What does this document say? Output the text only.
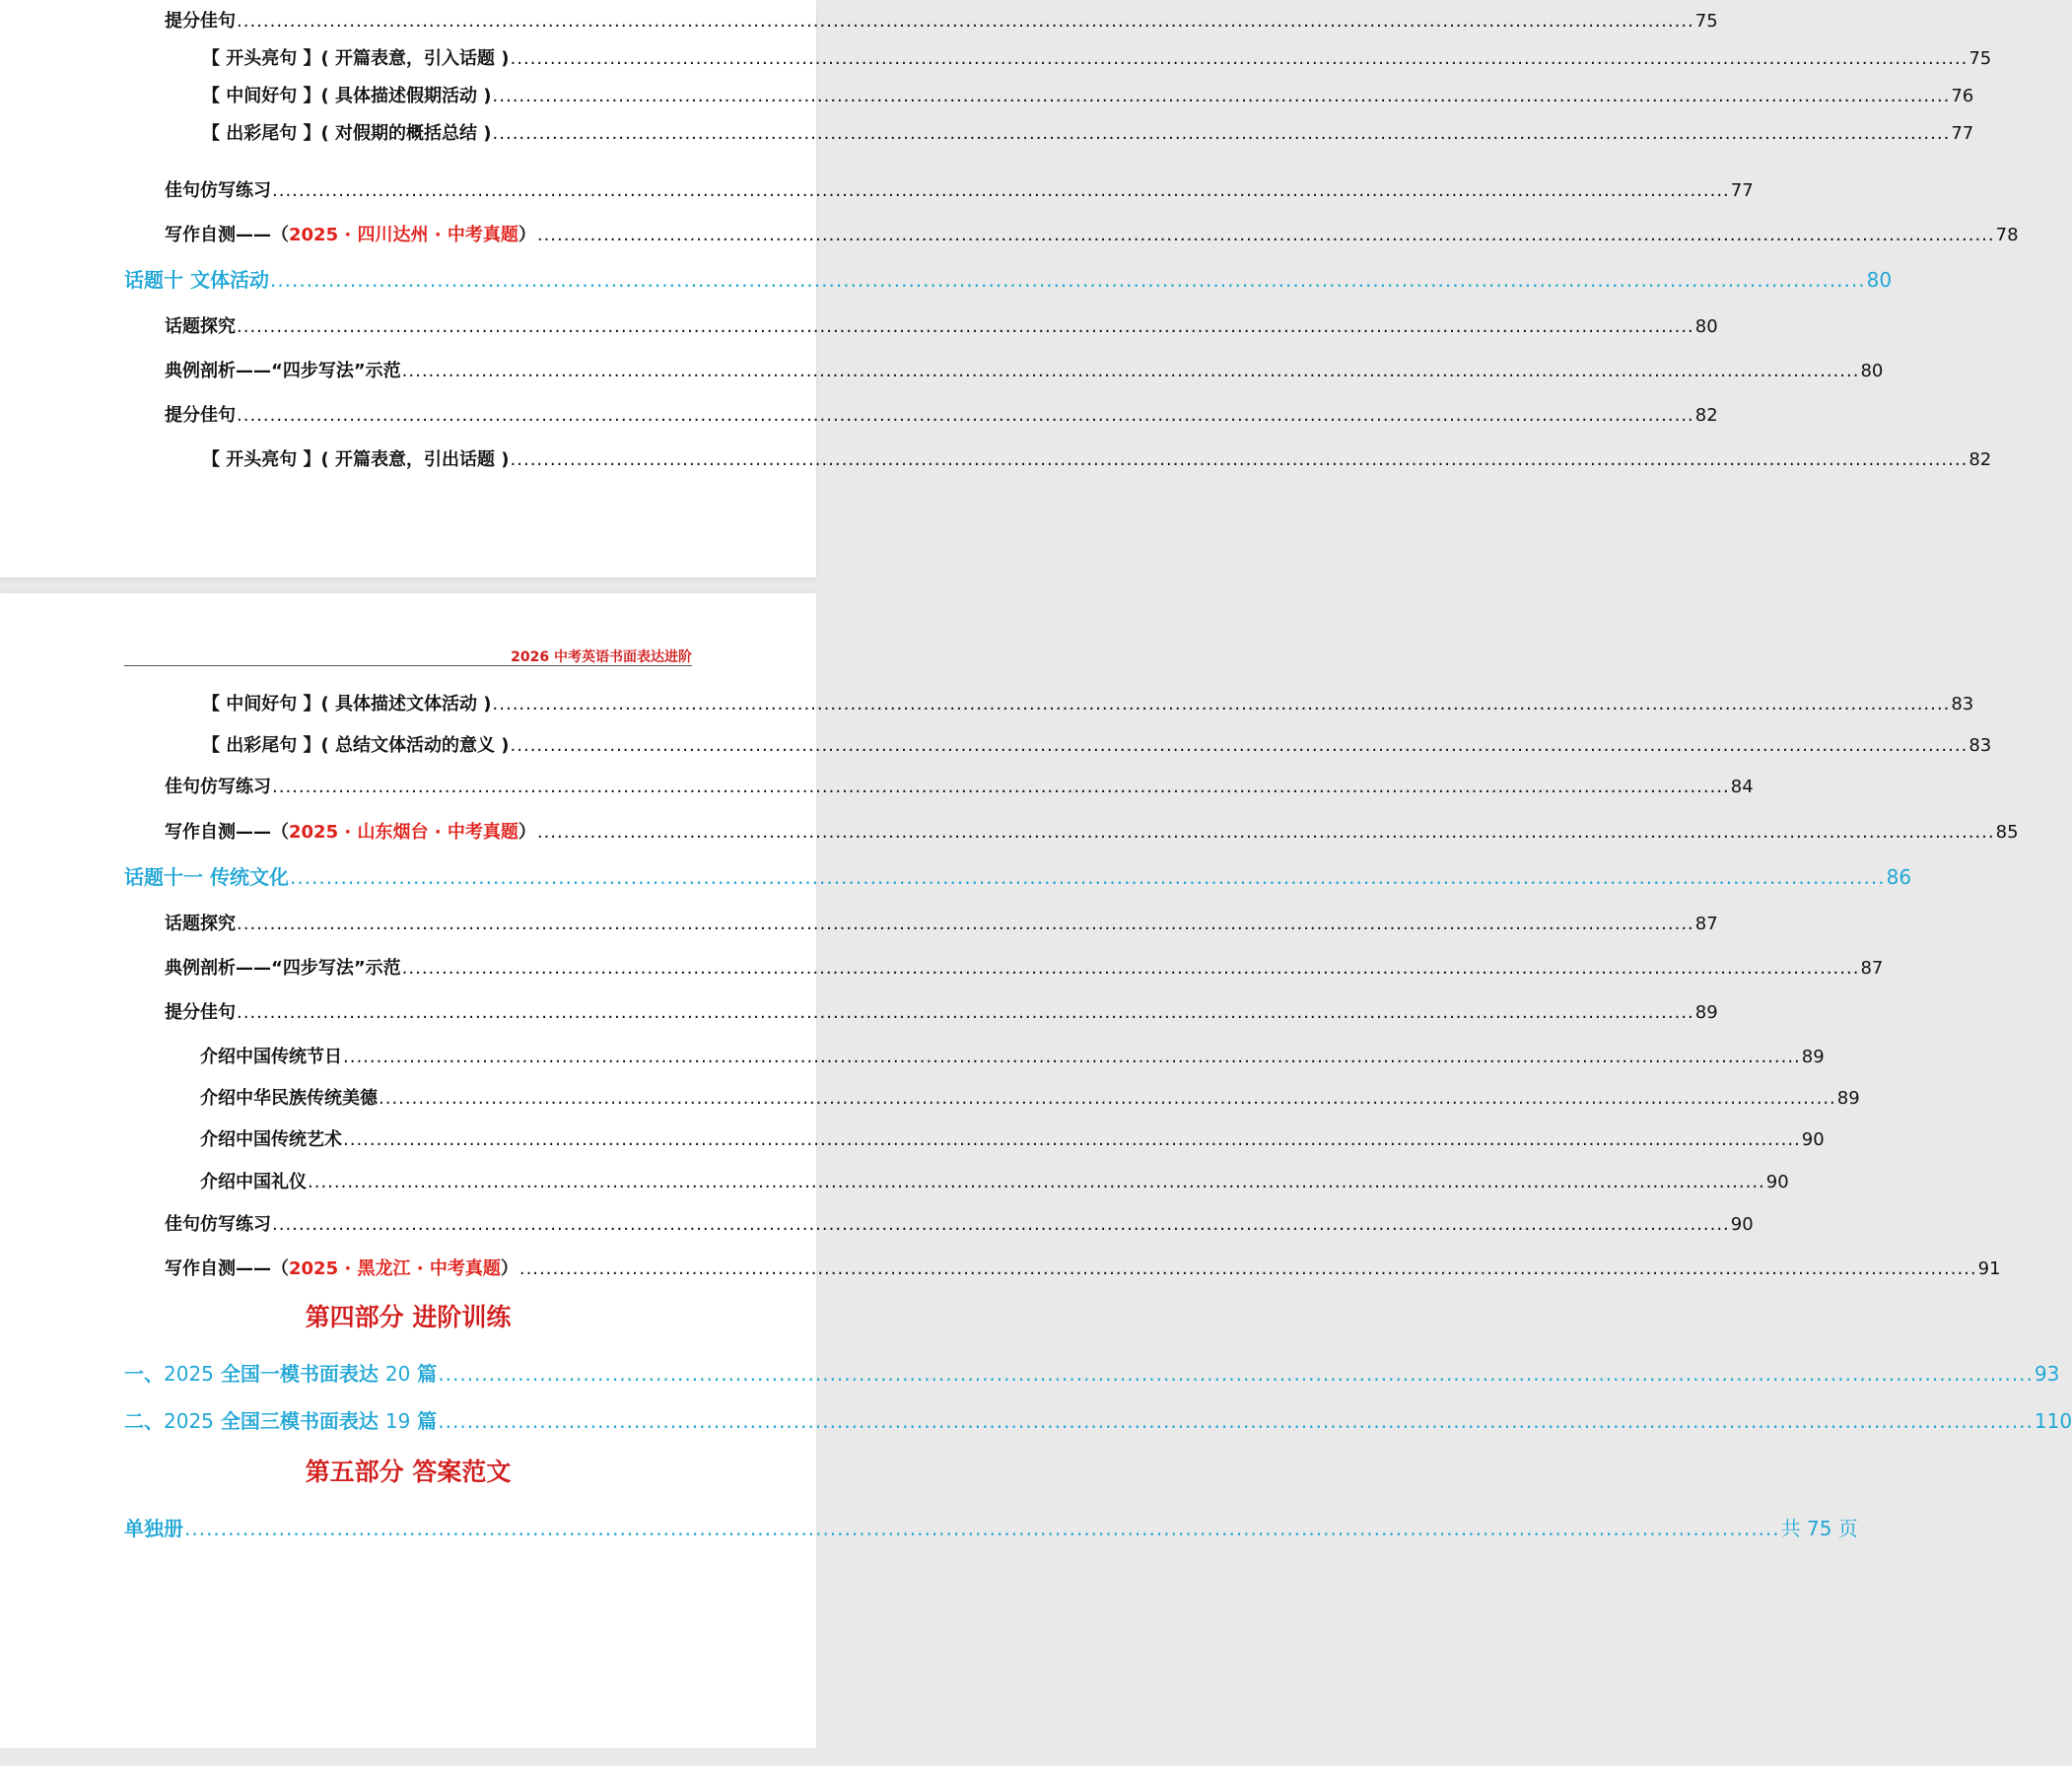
提分佳句 ............................................................................................................................................................................................................................ 75
【 开头亮句 】( 开篇表意，引入话题 ) ............................................................................................................................................................................................................................ 75
【 中间好句 】( 具体描述假期活动 ) ............................................................................................................................................................................................................................ 76
【 出彩尾句 】( 对假期的概括总结 ) ............................................................................................................................................................................................................................ 77
佳句仿写练习 ............................................................................................................................................................................................................................ 77
写作自测——（2025 · 四川达州 · 中考真题） ............................................................................................................................................................................................................................ 78
话题十 文体活动 ............................................................................................................................................................................................................................ 80
话题探究 ............................................................................................................................................................................................................................ 80
典例剖析——“四步写法”示范 ............................................................................................................................................................................................................................ 80
提分佳句 ............................................................................................................................................................................................................................ 82
【 开头亮句 】( 开篇表意，引出话题 ) ............................................................................................................................................................................................................................ 82
2026 中考英语书面表达进阶
【 中间好句 】( 具体描述文体活动 ) ............................................................................................................................................................................................................................ 83
【 出彩尾句 】( 总结文体活动的意义 ) ............................................................................................................................................................................................................................ 83
佳句仿写练习 ............................................................................................................................................................................................................................ 84
写作自测——（2025 · 山东烟台 · 中考真题） ............................................................................................................................................................................................................................ 85
话题十一 传统文化 ............................................................................................................................................................................................................................ 86
话题探究 ............................................................................................................................................................................................................................ 87
典例剖析——“四步写法”示范 ............................................................................................................................................................................................................................ 87
提分佳句 ............................................................................................................................................................................................................................ 89
介绍中国传统节日 ............................................................................................................................................................................................................................ 89
介绍中华民族传统美德 ............................................................................................................................................................................................................................ 89
介绍中国传统艺术 ............................................................................................................................................................................................................................ 90
介绍中国礼仪 ............................................................................................................................................................................................................................ 90
佳句仿写练习 ............................................................................................................................................................................................................................ 90
写作自测——（2025 · 黑龙江 · 中考真题） ............................................................................................................................................................................................................................ 91
第四部分 进阶训练
一、2025 全国一模书面表达 20 篇 ............................................................................................................................................................................................................................ 93
二、2025 全国三模书面表达 19 篇 ............................................................................................................................................................................................................................ 110
第五部分 答案范文
单独册 ............................................................................................................................................................................................................................ 共 75 页
